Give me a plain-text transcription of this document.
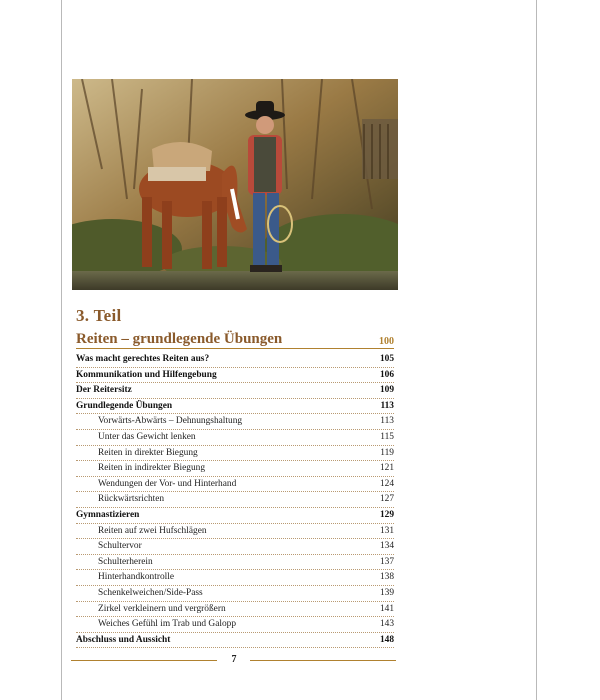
3. Teil
Reiten – grundlegende Übungen	100
Was macht gerechtes Reiten aus?	105
Kommunikation und Hilfengebung	106
Der Reitersitz	109
Grundlegende Übungen	113
Vorwärts-Abwärts – Dehnungshaltung	113
Unter das Gewicht lenken	115
Reiten in direkter Biegung	119
Reiten in indirekter Biegung	121
Wendungen der Vor- und Hinterhand	124
Rückwärtsrichten	127
Gymnastizieren	129
Reiten auf zwei Hufschlägen	131
Schultervor	134
Schulterherein	137
Hinterhandkontrolle	138
Schenkelweichen/Side-Pass	139
Zirkel verkleinern und vergrößern	141
Weiches Gefühl im Trab und Galopp	143
Abschluss und Aussicht	148
7
